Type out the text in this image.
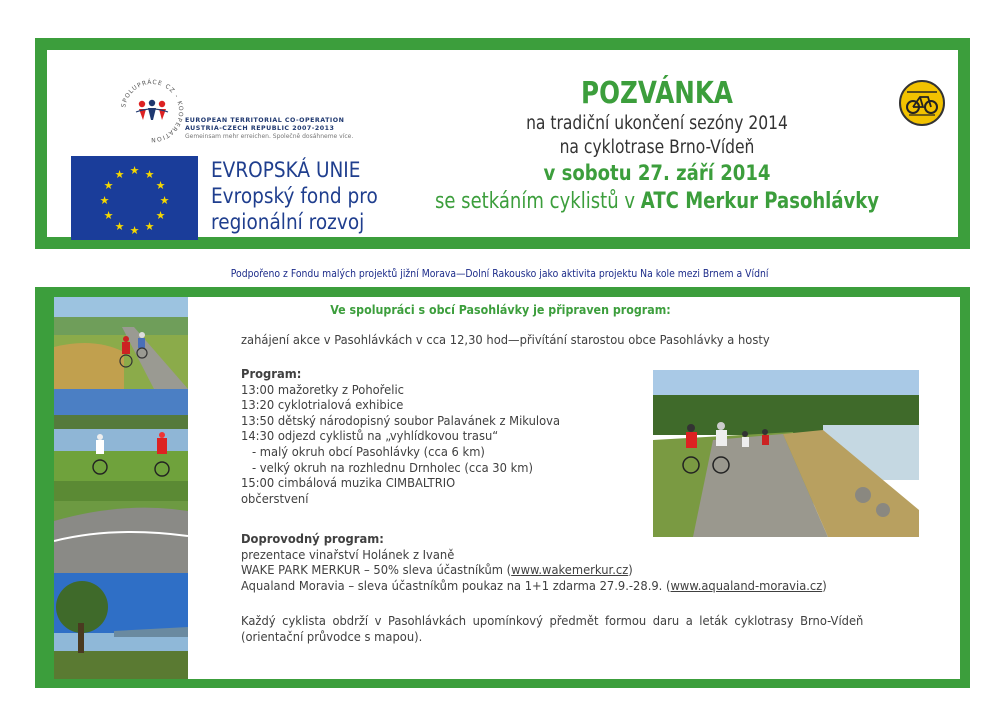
SPOLUPRÁCE CZ - KOOPERATION
EUROPEAN TERRITORIAL CO-OPERATION
AUSTRIA-CZECH REPUBLIC 2007-2013
Gemeinsam mehr erreichen. Společně dosáhneme více.
★ ★
★
★
★
★
★
★
★
★
★
★	EVROPSKÁ UNIE
Evropský fond pro
regionální rozvoj
POZVÁNKA
na tradiční ukončení sezóny 2014
na cyklotrase Brno-Vídeň
v sobotu 27. září 2014
se setkáním cyklistů v ATC Merkur Pasohlávky
Podpořeno z Fondu malých projektů jižní Morava—Dolní Rakousko jako aktivita projektu Na kole mezi Brnem a Vídní
Ve spolupráci s obcí Pasohlávky je připraven program:
zahájení akce v Pasohlávkách v cca 12,30 hod—přivítání starostou obce Pasohlávky a hosty
Program:
13:00 mažoretky z Pohořelic
13:20 cyklotrialová exhibice
13:50 dětský národopisný soubor Palavánek z Mikulova
14:30 odjezd cyklistů na „vyhlídkovou trasu“
- malý okruh obcí Pasohlávky (cca 6 km)
- velký okruh na rozhlednu Drnholec (cca 30 km)
15:00 cimbálová muzika CIMBALTRIO
občerstvení
Doprovodný program:
prezentace vinařství Holánek z Ivaně
WAKE PARK MERKUR – 50% sleva účastníkům (www.wakemerkur.cz)
Aqualand Moravia – sleva účastníkům poukaz na 1+1 zdarma 27.9.-28.9. (www.aqualand-moravia.cz)
Každý cyklista obdrží v Pasohlávkách upomínkový předmět formou daru a leták cyklotrasy Brno-Vídeň
(orientační průvodce s mapou).
